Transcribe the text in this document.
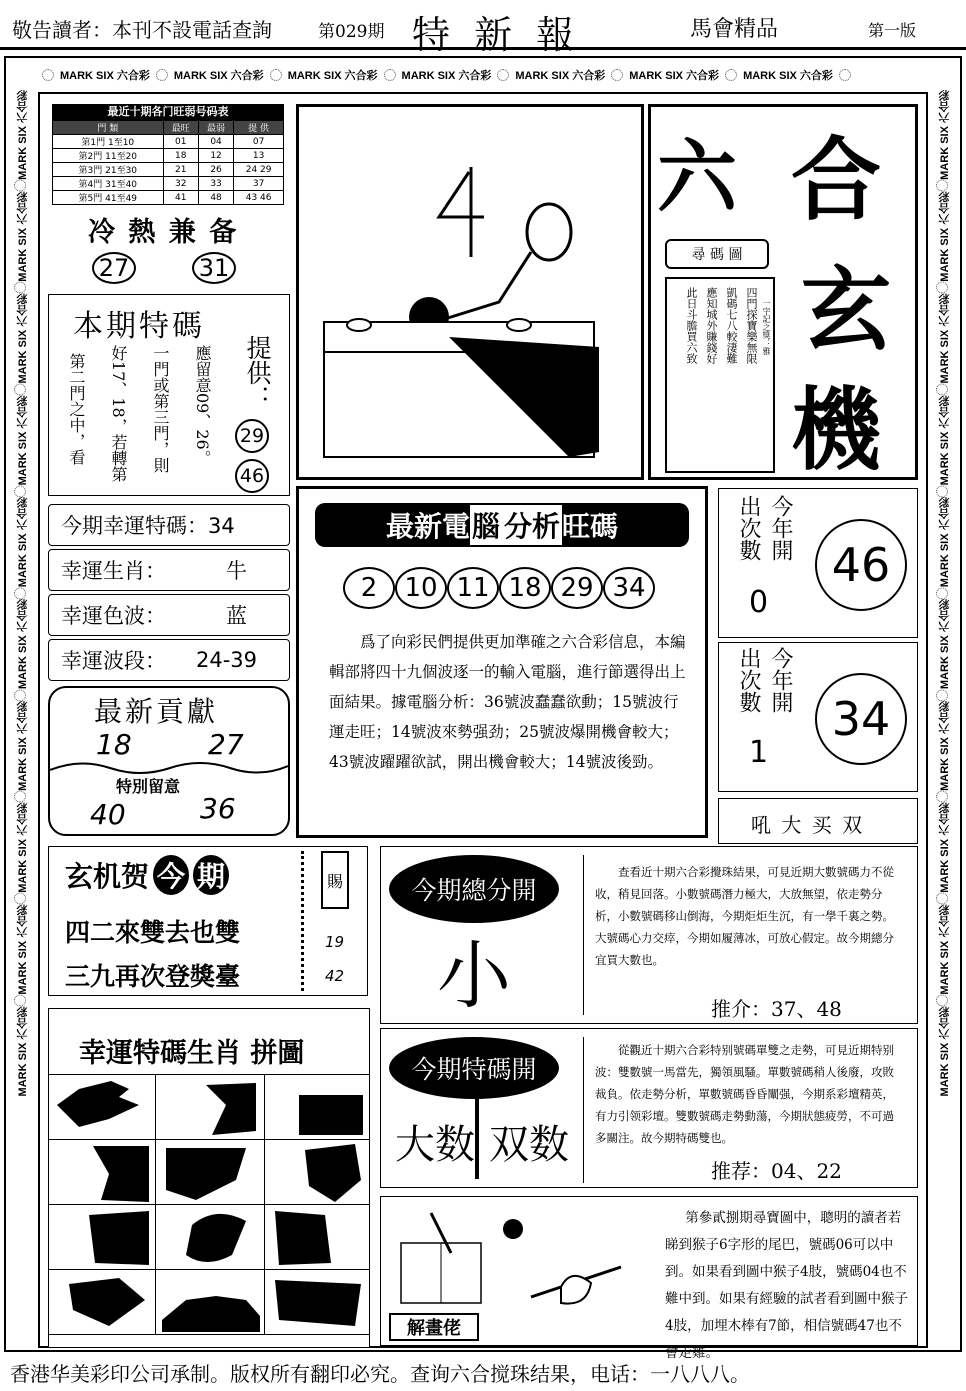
敬告讀者：本刊不設電話查詢	第029期 特 新 報	馬會精品	第一版
MARK SIX 六合彩 MARK SIX 六合彩 MARK SIX 六合彩 MARK SIX 六合彩 MARK SIX 六合彩 MARK SIX 六合彩 MARK SIX 六合彩
MARK SIX 六合彩MARK SIX 六合彩MARK SIX 六合彩MARK SIX 六合彩MARK SIX 六合彩MARK SIX 六合彩MARK SIX 六合彩MARK SIX 六合彩MARK SIX 六合彩MARK SIX 六合彩
MARK SIX 六合彩MARK SIX 六合彩MARK SIX 六合彩MARK SIX 六合彩MARK SIX 六合彩MARK SIX 六合彩MARK SIX 六合彩MARK SIX 六合彩MARK SIX 六合彩MARK SIX 六合彩
最近十期各门旺弱号码表
門 類	最旺	最弱	提 供
第1門 1至10	01	04	07
第2門 11至20	18	12	13
第3門 21至30	21	26	24 29
第4門 31至40	32	33	37
第5門 41至49	41	48	43 46
冷 熱 兼 备
27	31
本期特碼
提供：
應留意09、26。
一門或第三門，則
好17、18，若轉第
第二門之中，看	29
46
今期幸運特碼：34
幸運生肖：	牛
幸運色波：	蓝
幸運波段： 24-39
最新貢獻
18	27
特別留意
40	36
玄机贺 今 期
四二來雙去也雙
三九再次登獎臺
賜
19
42
幸運特碼生肖 拼圖
40
9
六 合
玄
機
尋 碼 圖
四門探寶樂無限
凱碼七八較淒難
應知城外賺錢好
此日斗膽買六致	一字記之獎：雅
最新電 腦 分析 旺碼
2	10 11 18 29 34
爲了向彩民們提供更加準確之六合彩信息，本編輯部將四十九個波逐一的輸入電腦，進行節選得出上面結果。據電腦分析：36號波蠢蠢欲動；15號波行運走旺；14號波來勢强劲；25號波爆開機會較大；43號波躍躍欲試，開出機會較大；14號波後勁。
今年開
出次數
0
46
今年開
出次數
1
34
吼 大 买 双
今期總分開
小
查看近十期六合彩攪珠結果，可見近期大數號碼力不從收，稍見回落。小數號碼潛力極大，大放無望，依走勢分析，小數號碼移山倒海，今期炬炬生沉，有一學千裏之勢。大號碼心力交瘁，今期如履薄冰，可放心假定。故今期總分宜買大數也。
推介：37、48
今期特碼開
大数 双数
從觀近十期六合彩特别號碼單雙之走勢，可見近期特别波：雙數號一馬當先，獨領風騷。單數號碼稍人後廢，攻敗裁負。依走勢分析，單數號碼昏昏闡强，今期系彩壇精英，有力引领彩壇。雙數號碼走勢動蕩，今期狀態疲勞，不可過多關注。故今期特碼雙也。
推荐：04、22
解畫佬
第參貳捌期尋寶圖中，聰明的讀者若睇到猴子6字形的尾巴，號碼06可以中到。如果看到圖中猴子4肢，號碼04也不難中到。如果有經驗的試者看到圖中猴子4肢，加埋木棒有7節，相信號碼47也不會走雞。
香港华美彩印公司承制。版权所有翻印必究。查询六合搅珠结果，电话：一八八八。
